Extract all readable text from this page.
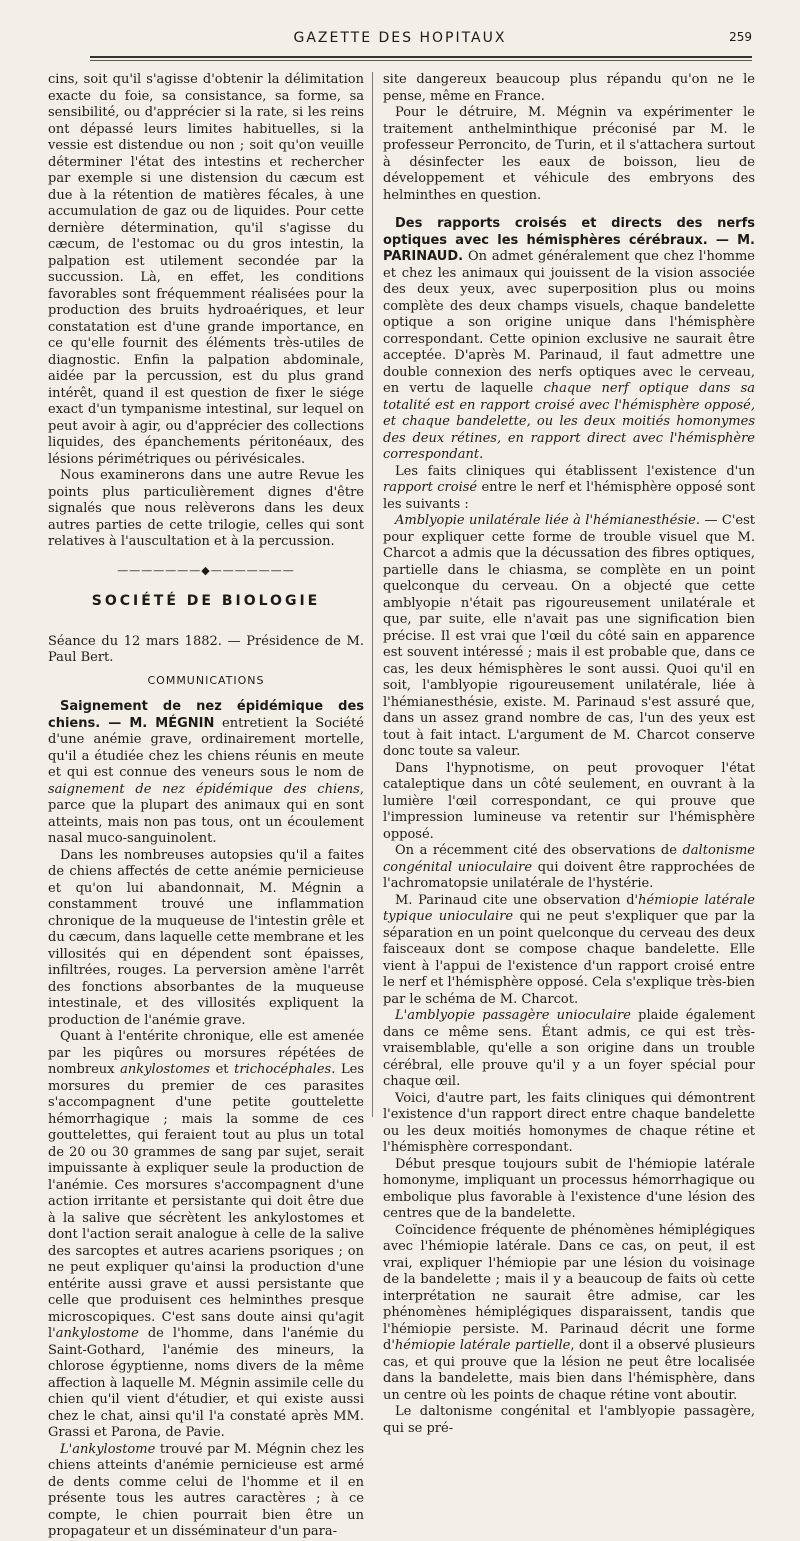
GAZETTE DES HOPITAUX	259

cins, soit qu'il s'agisse d'obtenir la délimitation exacte du foie, sa consistance, sa forme, sa sensibilité, ou d'apprécier si la rate, si les reins ont dépassé leurs limites habituelles, si la vessie est distendue ou non ; soit qu'on veuille déterminer l'état des intestins et rechercher par exemple si une distension du cæcum est due à la rétention de matières fécales, à une accumulation de gaz ou de liquides. Pour cette dernière détermination, qu'il s'agisse du cæcum, de l'estomac ou du gros intestin, la palpation est utilement secondée par la succussion. Là, en effet, les conditions favorables sont fréquemment réalisées pour la production des bruits hydroaériques, et leur constatation est d'une grande importance, en ce qu'elle fournit des éléments très-utiles de diagnostic. Enfin la palpation abdominale, aidée par la percussion, est du plus grand intérêt, quand il est question de fixer le siége exact d'un tympanisme intestinal, sur lequel on peut avoir à agir, ou d'apprécier des collections liquides, des épanchements péritonéaux, des lésions périmétriques ou périvésicales.

Nous examinerons dans une autre Revue les points plus particulièrement dignes d'être signalés que nous relèverons dans les deux autres parties de cette trilogie, celles qui sont relatives à l'auscultation et à la percussion.

———————◆———————
SOCIÉTÉ DE BIOLOGIE

Séance du 12 mars 1882. — Présidence de M. Paul Bert.

COMMUNICATIONS

Saignement de nez épidémique des chiens. — M. MÉGNIN entretient la Société d'une anémie grave, ordinairement mortelle, qu'il a étudiée chez les chiens réunis en meute et qui est connue des veneurs sous le nom de saignement de nez épidémique des chiens, parce que la plupart des animaux qui en sont atteints, mais non pas tous, ont un écoulement nasal muco-sanguinolent.

Dans les nombreuses autopsies qu'il a faites de chiens affectés de cette anémie pernicieuse et qu'on lui abandonnait, M. Mégnin a constamment trouvé une inflammation chronique de la muqueuse de l'intestin grêle et du cæcum, dans laquelle cette membrane et les villosités qui en dépendent sont épaisses, infiltrées, rouges. La perversion amène l'arrêt des fonctions absorbantes de la muqueuse intestinale, et des villosités expliquent la production de l'anémie grave.

Quant à l'entérite chronique, elle est amenée par les piqûres ou morsures répétées de nombreux ankylostomes et trichocéphales. Les morsures du premier de ces parasites s'accompagnent d'une petite gouttelette hémorrhagique ; mais la somme de ces gouttelettes, qui feraient tout au plus un total de 20 ou 30 grammes de sang par sujet, serait impuissante à expliquer seule la production de l'anémie. Ces morsures s'accompagnent d'une action irritante et persistante qui doit être due à la salive que sécrètent les ankylostomes et dont l'action serait analogue à celle de la salive des sarcoptes et autres acariens psoriques ; on ne peut expliquer qu'ainsi la production d'une entérite aussi grave et aussi persistante que celle que produisent ces helminthes presque microscopiques. C'est sans doute ainsi qu'agit l'ankylostome de l'homme, dans l'anémie du Saint-Gothard, l'anémie des mineurs, la chlorose égyptienne, noms divers de la même affection à laquelle M. Mégnin assimile celle du chien qu'il vient d'étudier, et qui existe aussi chez le chat, ainsi qu'il l'a constaté après MM. Grassi et Parona, de Pavie.

L'ankylostome trouvé par M. Mégnin chez les chiens atteints d'anémie pernicieuse est armé de dents comme celui de l'homme et il en présente tous les autres caractères ; à ce compte, le chien pourrait bien être un propagateur et un disséminateur d'un para-

site dangereux beaucoup plus répandu qu'on ne le pense, même en France.

Pour le détruire, M. Mégnin va expérimenter le traitement anthelminthique préconisé par M. le professeur Perroncito, de Turin, et il s'attachera surtout à désinfecter les eaux de boisson, lieu de développement et véhicule des embryons des helminthes en question.

Des rapports croisés et directs des nerfs optiques avec les hémisphères cérébraux. — M. PARINAUD. On admet généralement que chez l'homme et chez les animaux qui jouissent de la vision associée des deux yeux, avec superposition plus ou moins complète des deux champs visuels, chaque bandelette optique a son origine unique dans l'hémisphère correspondant. Cette opinion exclusive ne saurait être acceptée. D'après M. Parinaud, il faut admettre une double connexion des nerfs optiques avec le cerveau, en vertu de laquelle chaque nerf optique dans sa totalité est en rapport croisé avec l'hémisphère opposé, et chaque bandelette, ou les deux moitiés homonymes des deux rétines, en rapport direct avec l'hémisphère correspondant.

Les faits cliniques qui établissent l'existence d'un rapport croisé entre le nerf et l'hémisphère opposé sont les suivants :

Amblyopie unilatérale liée à l'hémianesthésie. — C'est pour expliquer cette forme de trouble visuel que M. Charcot a admis que la décussation des fibres optiques, partielle dans le chiasma, se complète en un point quelconque du cerveau. On a objecté que cette amblyopie n'était pas rigoureusement unilatérale et que, par suite, elle n'avait pas une signification bien précise. Il est vrai que l'œil du côté sain en apparence est souvent intéressé ; mais il est probable que, dans ce cas, les deux hémisphères le sont aussi. Quoi qu'il en soit, l'amblyopie rigoureusement unilatérale, liée à l'hémianesthésie, existe. M. Parinaud s'est assuré que, dans un assez grand nombre de cas, l'un des yeux est tout à fait intact. L'argument de M. Charcot conserve donc toute sa valeur.

Dans l'hypnotisme, on peut provoquer l'état cataleptique dans un côté seulement, en ouvrant à la lumière l'œil correspondant, ce qui prouve que l'impression lumineuse va retentir sur l'hémisphère opposé.

On a récemment cité des observations de daltonisme congénital unioculaire qui doivent être rapprochées de l'achromatopsie unilatérale de l'hystérie.

M. Parinaud cite une observation d'hémiopie latérale typique unioculaire qui ne peut s'expliquer que par la séparation en un point quelconque du cerveau des deux faisceaux dont se compose chaque bandelette. Elle vient à l'appui de l'existence d'un rapport croisé entre le nerf et l'hémisphère opposé. Cela s'explique très-bien par le schéma de M. Charcot.

L'amblyopie passagère unioculaire plaide également dans ce même sens. Étant admis, ce qui est très-vraisemblable, qu'elle a son origine dans un trouble cérébral, elle prouve qu'il y a un foyer spécial pour chaque œil.

Voici, d'autre part, les faits cliniques qui démontrent l'existence d'un rapport direct entre chaque bandelette ou les deux moitiés homonymes de chaque rétine et l'hémisphère correspondant.

Début presque toujours subit de l'hémiopie latérale homonyme, impliquant un processus hémorrhagique ou embolique plus favorable à l'existence d'une lésion des centres que de la bandelette.

Coïncidence fréquente de phénomènes hémiplégiques avec l'hémiopie latérale. Dans ce cas, on peut, il est vrai, expliquer l'hémiopie par une lésion du voisinage de la bandelette ; mais il y a beaucoup de faits où cette interprétation ne saurait être admise, car les phénomènes hémiplégiques disparaissent, tandis que l'hémiopie persiste. M. Parinaud décrit une forme d'hémiopie latérale partielle, dont il a observé plusieurs cas, et qui prouve que la lésion ne peut être localisée dans la bandelette, mais bien dans l'hémisphère, dans un centre où les points de chaque rétine vont aboutir.

Le daltonisme congénital et l'amblyopie passagère, qui se pré-
